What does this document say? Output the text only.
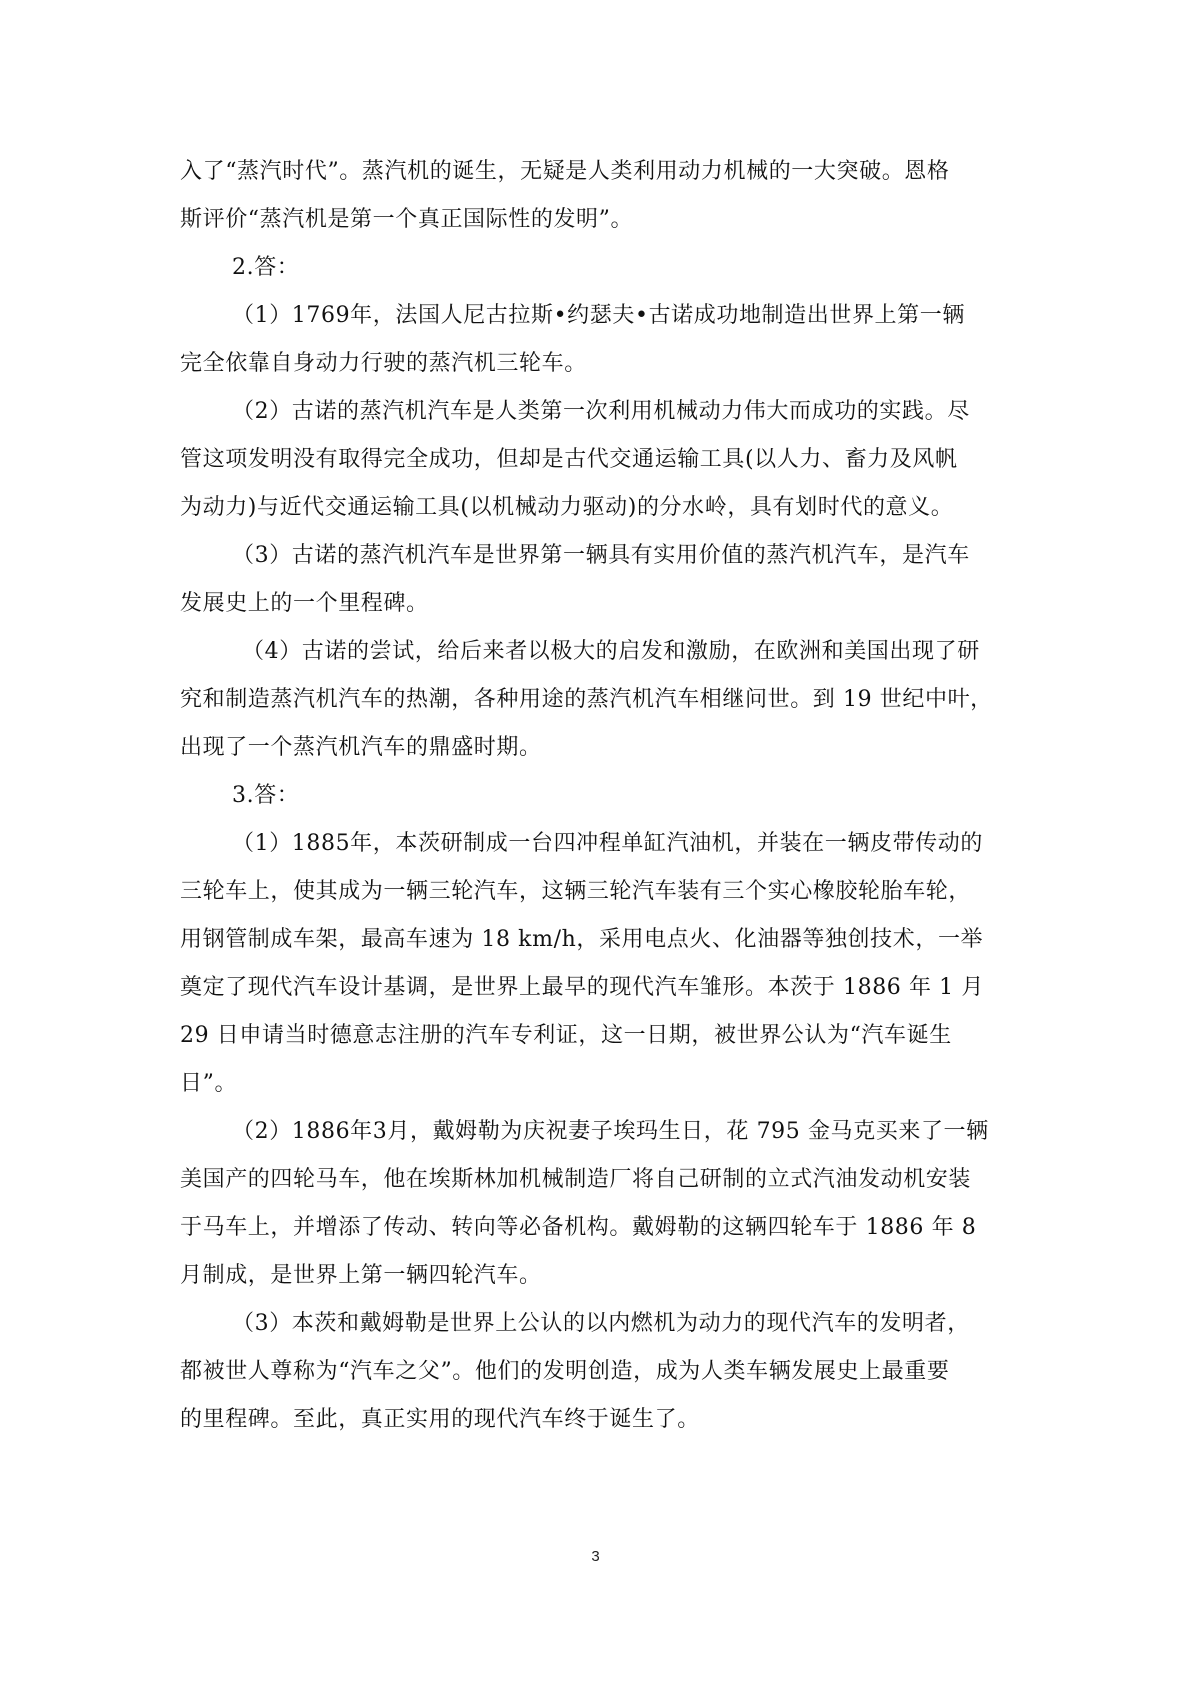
入了“蒸汽时代”。蒸汽机的诞生，无疑是人类利用动力机械的一大突破。恩格
斯评价“蒸汽机是第一个真正国际性的发明”。
2.答：
（1）1769年，法国人尼古拉斯•约瑟夫•古诺成功地制造出世界上第一辆
完全依靠自身动力行驶的蒸汽机三轮车。
（2）古诺的蒸汽机汽车是人类第一次利用机械动力伟大而成功的实践。尽
管这项发明没有取得完全成功，但却是古代交通运输工具(以人力、畜力及风帆
为动力)与近代交通运输工具(以机械动力驱动)的分水岭，具有划时代的意义。
（3）古诺的蒸汽机汽车是世界第一辆具有实用价值的蒸汽机汽车，是汽车
发展史上的一个里程碑。
（4）古诺的尝试，给后来者以极大的启发和激励，在欧洲和美国出现了研
究和制造蒸汽机汽车的热潮，各种用途的蒸汽机汽车相继问世。到 19 世纪中叶，
出现了一个蒸汽机汽车的鼎盛时期。
3.答：
（1）1885年，本茨研制成一台四冲程单缸汽油机，并装在一辆皮带传动的
三轮车上，使其成为一辆三轮汽车，这辆三轮汽车装有三个实心橡胶轮胎车轮，
用钢管制成车架，最高车速为 18 km/h，采用电点火、化油器等独创技术，一举
奠定了现代汽车设计基调，是世界上最早的现代汽车雏形。本茨于 1886 年 1 月
29 日申请当时德意志注册的汽车专利证，这一日期，被世界公认为“汽车诞生
日”。
（2）1886年3月，戴姆勒为庆祝妻子埃玛生日，花 795 金马克买来了一辆
美国产的四轮马车，他在埃斯林加机械制造厂将自己研制的立式汽油发动机安装
于马车上，并增添了传动、转向等必备机构。戴姆勒的这辆四轮车于 1886 年 8
月制成，是世界上第一辆四轮汽车。
（3）本茨和戴姆勒是世界上公认的以内燃机为动力的现代汽车的发明者，
都被世人尊称为“汽车之父”。他们的发明创造，成为人类车辆发展史上最重要
的里程碑。至此，真正实用的现代汽车终于诞生了。
3
